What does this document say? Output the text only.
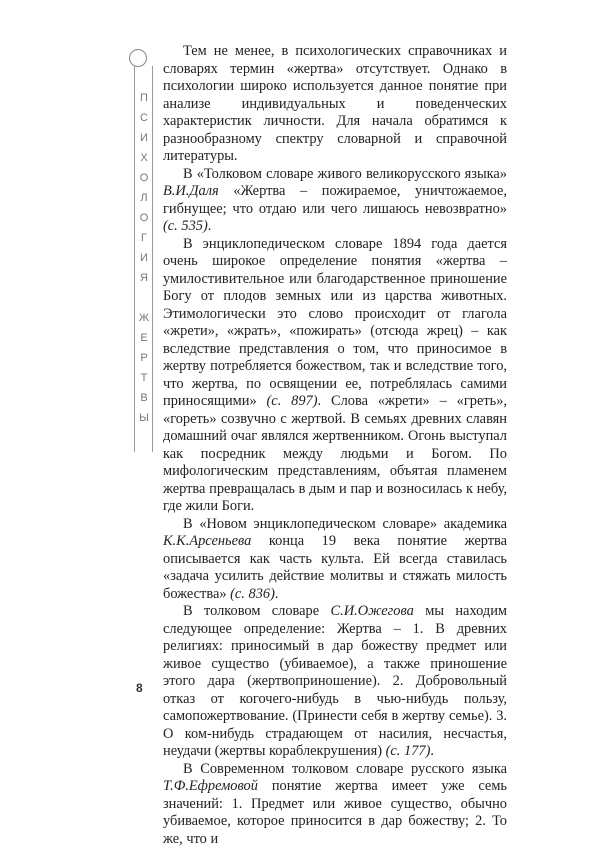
ПСИХОЛОГИЯ ЖЕРТВЫ

Тем не менее, в психологических справочниках и словарях термин «жертва» отсутствует. Однако в психологии широко используется данное понятие при анализе индивидуальных и поведенческих характеристик личности. Для начала обратимся к разнообразному спектру словарной и справочной литературы.

В «Толковом словаре живого великорусского языка» В.И.Даля «Жертва – пожираемое, уничтожаемое, гибнущее; что отдаю или чего лишаюсь невозвратно» (с. 535).

В энциклопедическом словаре 1894 года дается очень широкое определение понятия «жертва – умилостивительное или благодарственное приношение Богу от плодов земных или из царства животных. Этимологически это слово происходит от глагола «жрети», «жрать», «пожирать» (отсюда жрец) – как вследствие представления о том, что приносимое в жертву потребляется божеством, так и вследствие того, что жертва, по освящении ее, потреблялась самими приносящими» (с. 897). Слова «жрети» – «греть», «гореть» созвучно с жертвой. В семьях древних славян домашний очаг являлся жертвенником. Огонь выступал как посредник между людьми и Богом. По мифологическим представлениям, объятая пламенем жертва превращалась в дым и пар и возносилась к небу, где жили Боги.

В «Новом энциклопедическом словаре» академика К.К.Арсеньева конца 19 века понятие жертва описывается как часть культа. Ей всегда ставилась «задача усилить действие молитвы и стяжать милость божества» (с. 836).

В толковом словаре С.И.Ожегова мы находим следующее определение: Жертва – 1. В древних религиях: приносимый в дар божеству предмет или живое существо (убиваемое), а также приношение этого дара (жертвоприношение). 2. Добровольный отказ от когочего-нибудь в чью-нибудь пользу, самопожертвование. (Принести себя в жертву семье). 3. О ком-нибудь страдающем от насилия, несчастья, неудачи (жертвы кораблекрушения) (с. 177).

В Современном толковом словаре русского языка Т.Ф.Ефремовой понятие жертва имеет уже семь значений: 1. Предмет или живое существо, обычно убиваемое, которое приносится в дар божеству; 2. То же, что и

8
